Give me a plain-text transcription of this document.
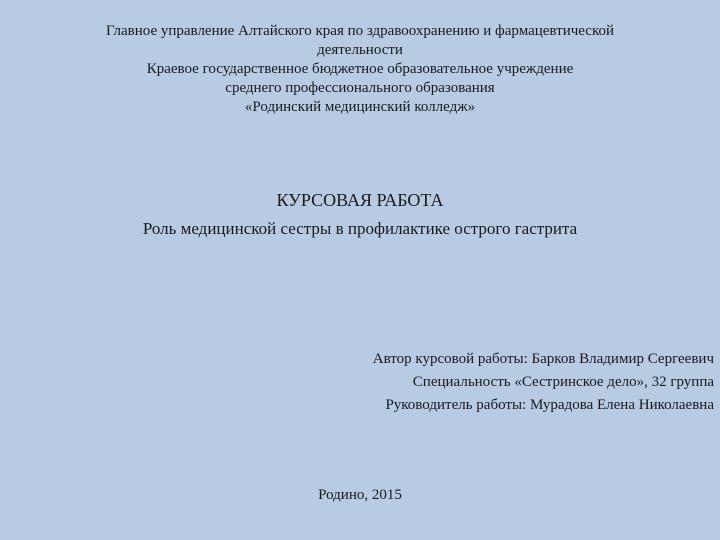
Главное управление Алтайского края по здравоохранению и фармацевтической
деятельности
Краевое государственное бюджетное образовательное учреждение
среднего профессионального образования
«Родинский медицинский колледж»
КУРСОВАЯ РАБОТА
Роль медицинской сестры в профилактике острого гастрита
Автор курсовой работы: Барков Владимир Сергеевич
Специальность «Сестринское дело», 32 группа
Руководитель работы: Мурадова Елена Николаевна
Родино, 2015
